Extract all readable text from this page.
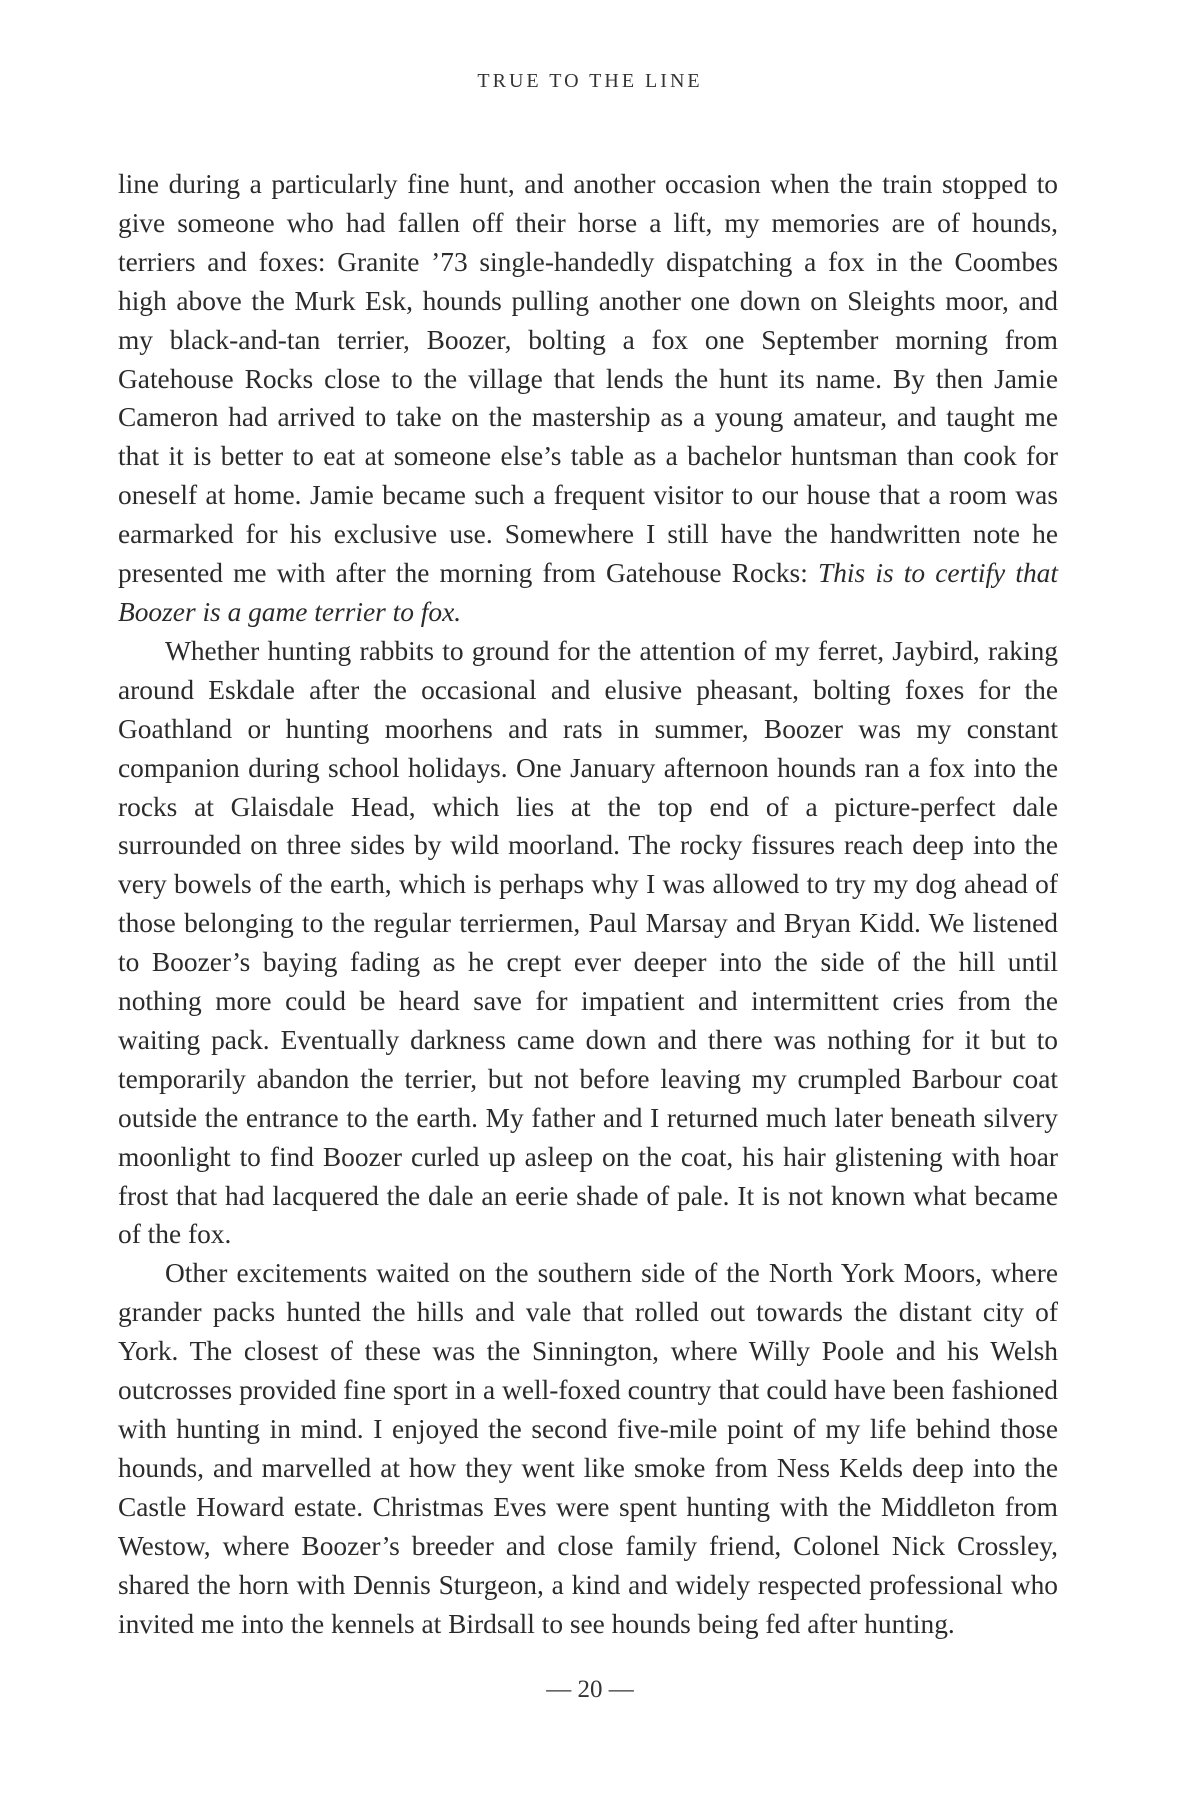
TRUE TO THE LINE

line during a particularly fine hunt, and another occasion when the train stopped to give someone who had fallen off their horse a lift, my memories are of hounds, terriers and foxes: Granite ’73 single-handedly dispatching a fox in the Coombes high above the Murk Esk, hounds pulling another one down on Sleights moor, and my black-and-tan terrier, Boozer, bolting a fox one September morning from Gatehouse Rocks close to the village that lends the hunt its name. By then Jamie Cameron had arrived to take on the mastership as a young amateur, and taught me that it is better to eat at someone else’s table as a bachelor huntsman than cook for oneself at home. Jamie became such a frequent visitor to our house that a room was earmarked for his exclusive use. Somewhere I still have the handwritten note he presented me with after the morning from Gatehouse Rocks: This is to certify that Boozer is a game terrier to fox.

Whether hunting rabbits to ground for the attention of my ferret, Jaybird, raking around Eskdale after the occasional and elusive pheasant, bolting foxes for the Goathland or hunting moorhens and rats in summer, Boozer was my constant companion during school holidays. One January afternoon hounds ran a fox into the rocks at Glaisdale Head, which lies at the top end of a picture-perfect dale surrounded on three sides by wild moorland. The rocky fissures reach deep into the very bowels of the earth, which is perhaps why I was allowed to try my dog ahead of those belonging to the regular terriermen, Paul Marsay and Bryan Kidd. We listened to Boozer’s baying fading as he crept ever deeper into the side of the hill until nothing more could be heard save for impatient and intermittent cries from the waiting pack. Eventually darkness came down and there was nothing for it but to temporarily abandon the terrier, but not before leaving my crumpled Barbour coat outside the entrance to the earth. My father and I returned much later beneath silvery moonlight to find Boozer curled up asleep on the coat, his hair glistening with hoar frost that had lacquered the dale an eerie shade of pale. It is not known what became of the fox.

Other excitements waited on the southern side of the North York Moors, where grander packs hunted the hills and vale that rolled out towards the distant city of York. The closest of these was the Sinnington, where Willy Poole and his Welsh outcrosses provided fine sport in a well-foxed country that could have been fashioned with hunting in mind. I enjoyed the second five-mile point of my life behind those hounds, and marvelled at how they went like smoke from Ness Kelds deep into the Castle Howard estate. Christmas Eves were spent hunting with the Middleton from Westow, where Boozer’s breeder and close family friend, Colonel Nick Crossley, shared the horn with Dennis Sturgeon, a kind and widely respected professional who invited me into the kennels at Birdsall to see hounds being fed after hunting.

— 20 —
